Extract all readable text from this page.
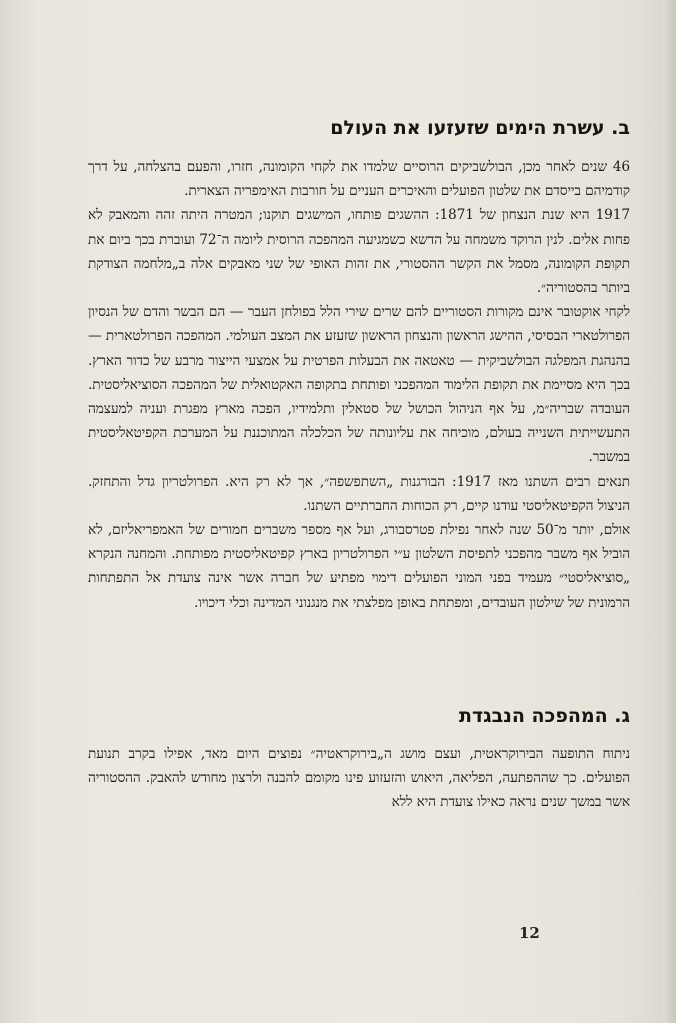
ב. עשרת הימים שזעזעו את העולם

46 שנים לאחר מכן, הבולשביקים הרוסיים שלמדו את לקחי הקומונה, חזרו, והפעם בהצלחה, על דרך קודמיהם בייסדם את שלטון הפועלים והאיכרים העניים על חורבות האימפריה הצארית.

1917 היא שנת הנצחון של 1871: ההשגים פותחו, המישגים תוקנו; המטרה היתה זהה והמאבק לא פחות אלים. לנין הרוקד משמחה על הדשא כשמגיעה המהפכה הרוסית ליומה ה־72 ועוברת בכך ביום את תקופת הקומונה, מסמל את הקשר ההסטורי, את זהות האופי של שני מאבקים אלה ב„מלחמה הצודקת ביותר בהסטוריה״.

לקחי אוקטובר אינם מקורות הסטוריים להם שרים שירי הלל בפולחן העבר — הם הבשר והדם של הנסיון הפרולטארי הבסיסי, ההישג הראשון והנצחון הראשון שזעזע את המצב העולמי. המהפכה הפרולטארית — בהנהגת המפלגה הבולשביקית — טאטאה את הבעלות הפרטית על אמצעי הייצור מרבע של כדור הארץ. בכך היא מסיימת את תקופת הלימוד המהפכני ופותחת בתקופה האקטואלית של המהפכה הסוציאליסטית. העובדה שבריה״מ, על אף הניהול הכושל של סטאלין ותלמידיו, הפכה מארץ מפגרת ועניה למעצמה התעשייתית השנייה בעולם, מוכיחה את עליונותה של הכלכלה המתוכננת על המערכת הקפיטאליסטית במשבר.

תנאים רבים השתנו מאז 1917: הבורגנות „השתפשפה״, אך לא רק היא. הפרולטריון גדל והתחזק. הניצול הקפיטאליסטי עודנו קיים, רק הכוחות החברתיים השתנו.

אולם, יותר מ־50 שנה לאחר נפילת פטרסבורג, ועל אף מספר משברים חמורים של האמפריאליזם, לא הוביל אף משבר מהפכני לתפיסת השלטון ע״י הפרולטריון בארץ קפיטאליסטית מפותחת. והמחנה הנקרא „סוציאליסטי״ מעמיד בפני המוני הפועלים דימוי מפתיע של חברה אשר אינה צועדת אל התפתחות הרמונית של שילטון העובדים, ומפתחת באופן מפלצתי את מנגנוני המדינה וכלי דיכויו.

ג. המהפכה הנבגדת

ניתוח התופעה הבירוקראטית, ועצם מושג ה„בירוקראטיה״ נפוצים היום מאד, אפילו בקרב תנועת הפועלים. כך שההפתעה, הפליאה, היאוש והזעזוע פינו מקומם להבנה ולרצון מחודש להאבק. ההסטוריה אשר במשך שנים נראה כאילו צועדת היא ללא

12
